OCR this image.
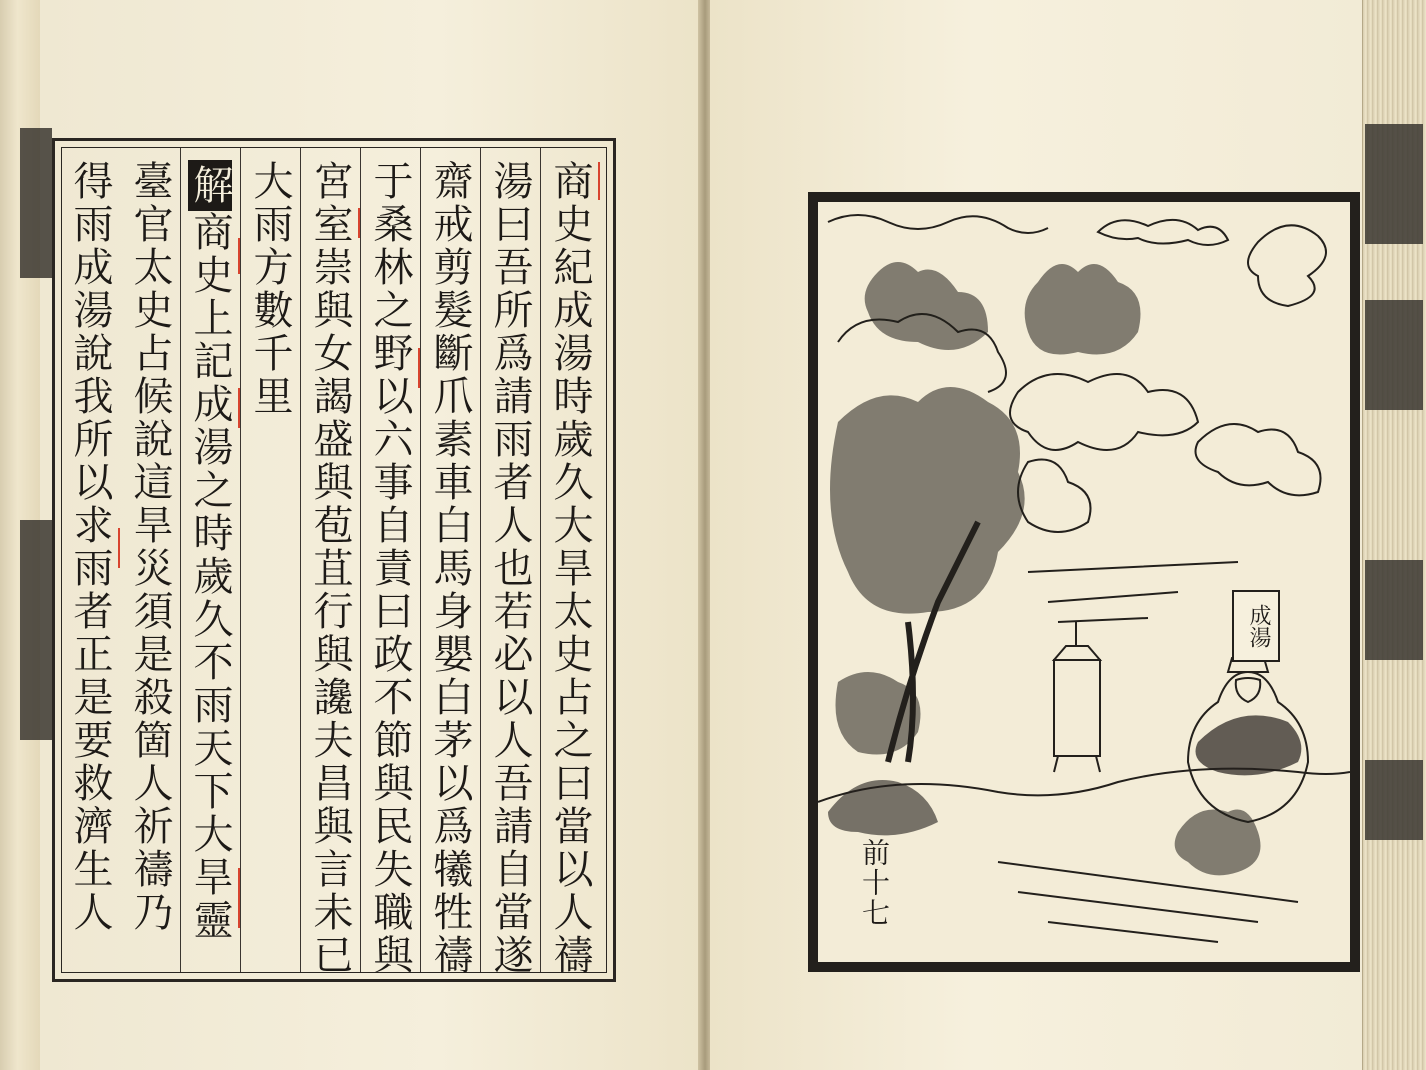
商史紀成湯時歲久大旱太史占之曰當以人禱
湯曰吾所爲請雨者人也若必以人吾請自當遂
齋戒剪髮斷爪素車白馬身嬰白茅以爲犧牲禱
于桑林之野以六事自責曰政不節與民失職與
宮室崇與女謁盛與苞苴行與讒夫昌與言未已
大雨方數千里
解商史上記成湯之時歲久不雨天下大旱靈
臺官太史占候說這旱災須是殺箇人祈禱乃
得雨成湯說我所以求雨者正是要救濟生人	成湯
前十七
